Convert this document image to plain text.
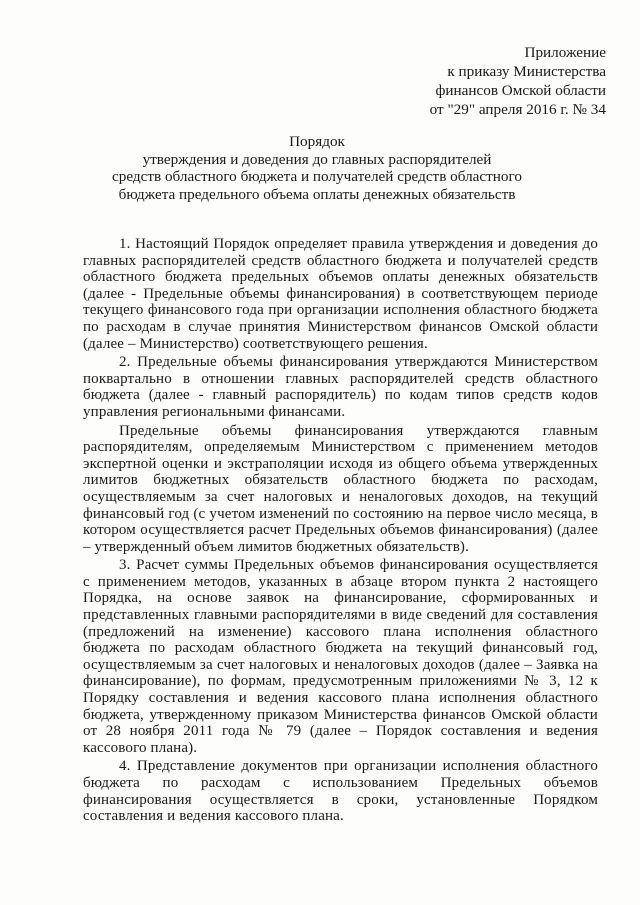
Приложение
к приказу Министерства
финансов Омской области
от "29" апреля 2016 г. № 34
Порядок
утверждения и доведения до главных распорядителей
средств областного бюджета и получателей средств областного
бюджета предельного объема оплаты денежных обязательств

1. Настоящий Порядок определяет правила утверждения и доведения до главных распорядителей средств областного бюджета и получателей средств областного бюджета предельных объемов оплаты денежных обязательств (далее - Предельные объемы финансирования) в соответствующем периоде текущего финансового года при организации исполнения областного бюджета по расходам в случае принятия Министерством финансов Омской области (далее – Министерство) соответствующего решения.

2. Предельные объемы финансирования утверждаются Министерством поквартально в отношении главных распорядителей средств областного бюджета (далее - главный распорядитель) по кодам типов средств кодов управления региональными финансами.

Предельные объемы финансирования утверждаются главным распорядителям, определяемым Министерством с применением методов экспертной оценки и экстраполяции исходя из общего объема утвержденных лимитов бюджетных обязательств областного бюджета по расходам, осуществляемым за счет налоговых и неналоговых доходов, на текущий финансовый год (с учетом изменений по состоянию на первое число месяца, в котором осуществляется расчет Предельных объемов финансирования) (далее – утвержденный объем лимитов бюджетных обязательств).

3. Расчет суммы Предельных объемов финансирования осуществляется с применением методов, указанных в абзаце втором пункта 2 настоящего Порядка, на основе заявок на финансирование, сформированных и представленных главными распорядителями в виде сведений для составления (предложений на изменение) кассового плана исполнения областного бюджета по расходам областного бюджета на текущий финансовый год, осуществляемым за счет налоговых и неналоговых доходов (далее – Заявка на финансирование), по формам, предусмотренным приложениями № 3, 12 к Порядку составления и ведения кассового плана исполнения областного бюджета, утвержденному приказом Министерства финансов Омской области от 28 ноября 2011 года № 79 (далее – Порядок составления и ведения кассового плана).

4. Представление документов при организации исполнения областного бюджета по расходам с использованием Предельных объемов финансирования осуществляется в сроки, установленные Порядком составления и ведения кассового плана.
